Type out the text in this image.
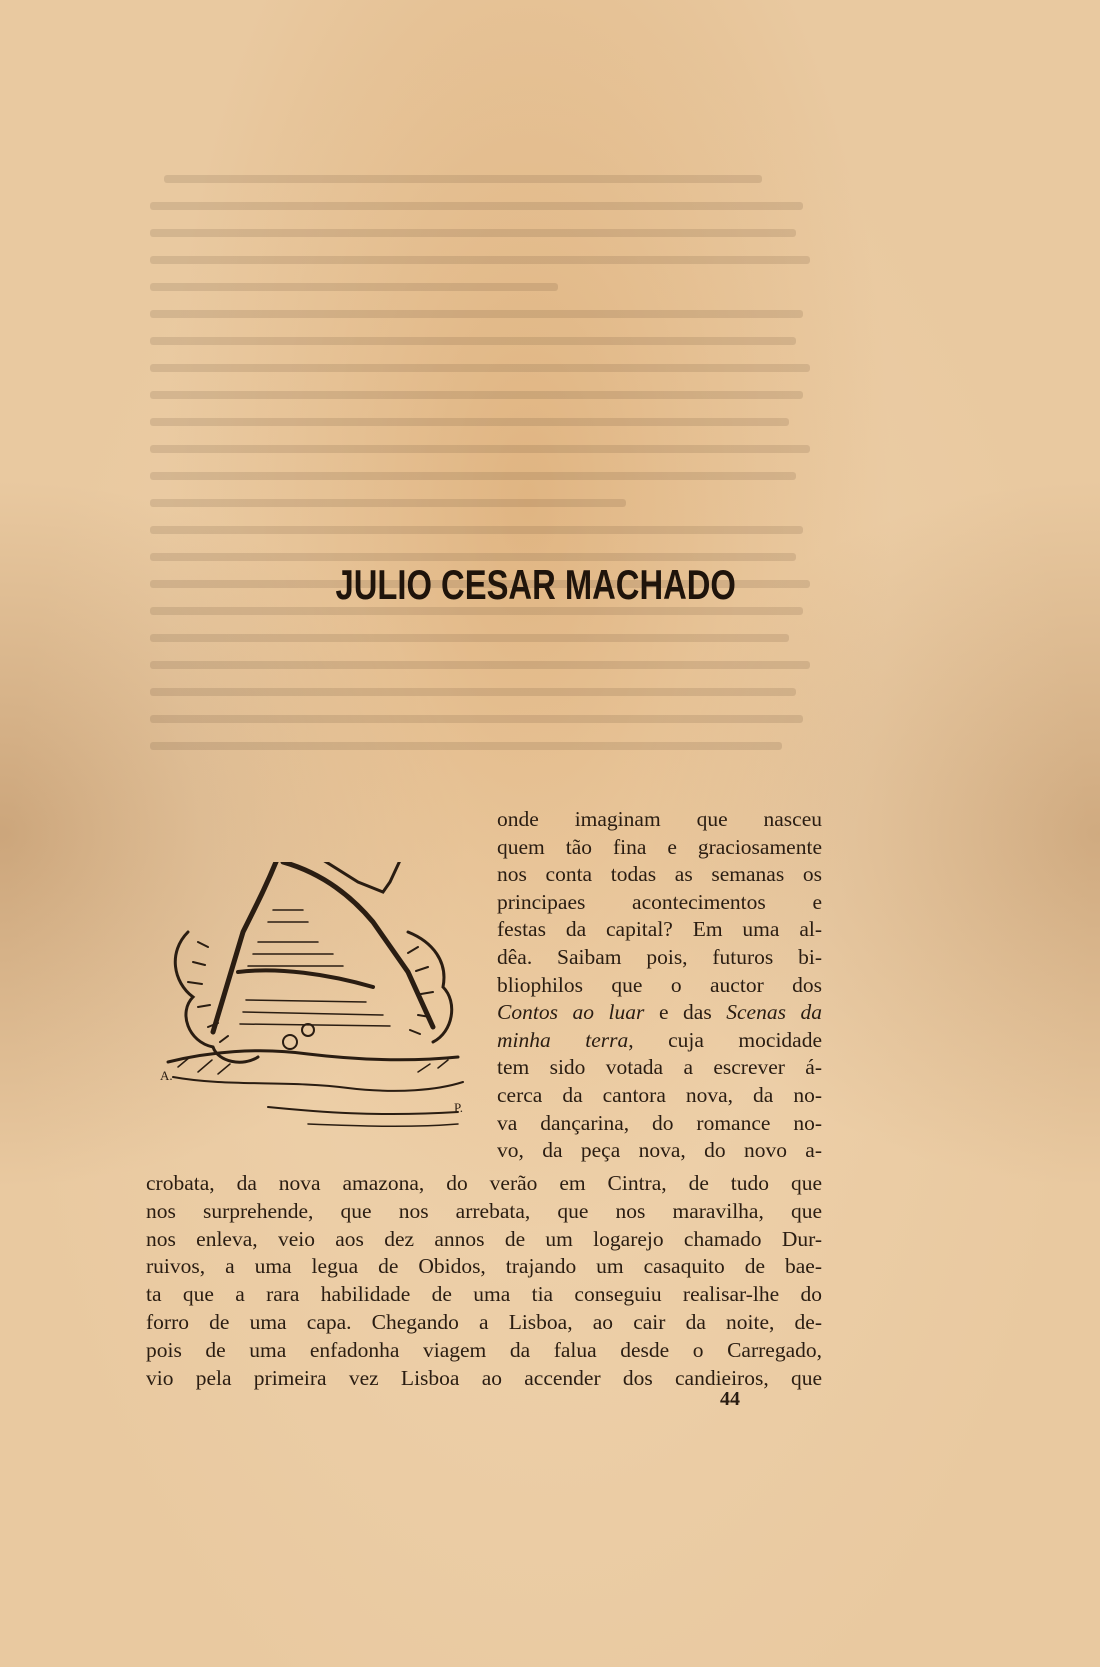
JULIO CESAR MACHADO
A.
P.
onde imaginam que nasceu
quem tão fina e graciosamente
nos conta todas as semanas os
principaes acontecimentos e
festas da capital? Em uma al-
dêa. Saibam pois, futuros bi-
bliophilos que o auctor dos
Contos ao luar e das Scenas da
minha terra, cuja mocidade
tem sido votada a escrever á-
cerca da cantora nova, da no-
va dançarina, do romance no-
vo, da peça nova, do novo a-
crobata, da nova amazona, do verão em Cintra, de tudo que
nos surprehende, que nos arrebata, que nos maravilha, que
nos enleva, veio aos dez annos de um logarejo chamado Dur-
ruivos, a uma legua de Obidos, trajando um casaquito de bae-
ta que a rara habilidade de uma tia conseguiu realisar-lhe do
forro de uma capa. Chegando a Lisboa, ao cair da noite, de-
pois de uma enfadonha viagem da falua desde o Carregado,
vio pela primeira vez Lisboa ao accender dos candieiros, que
44
